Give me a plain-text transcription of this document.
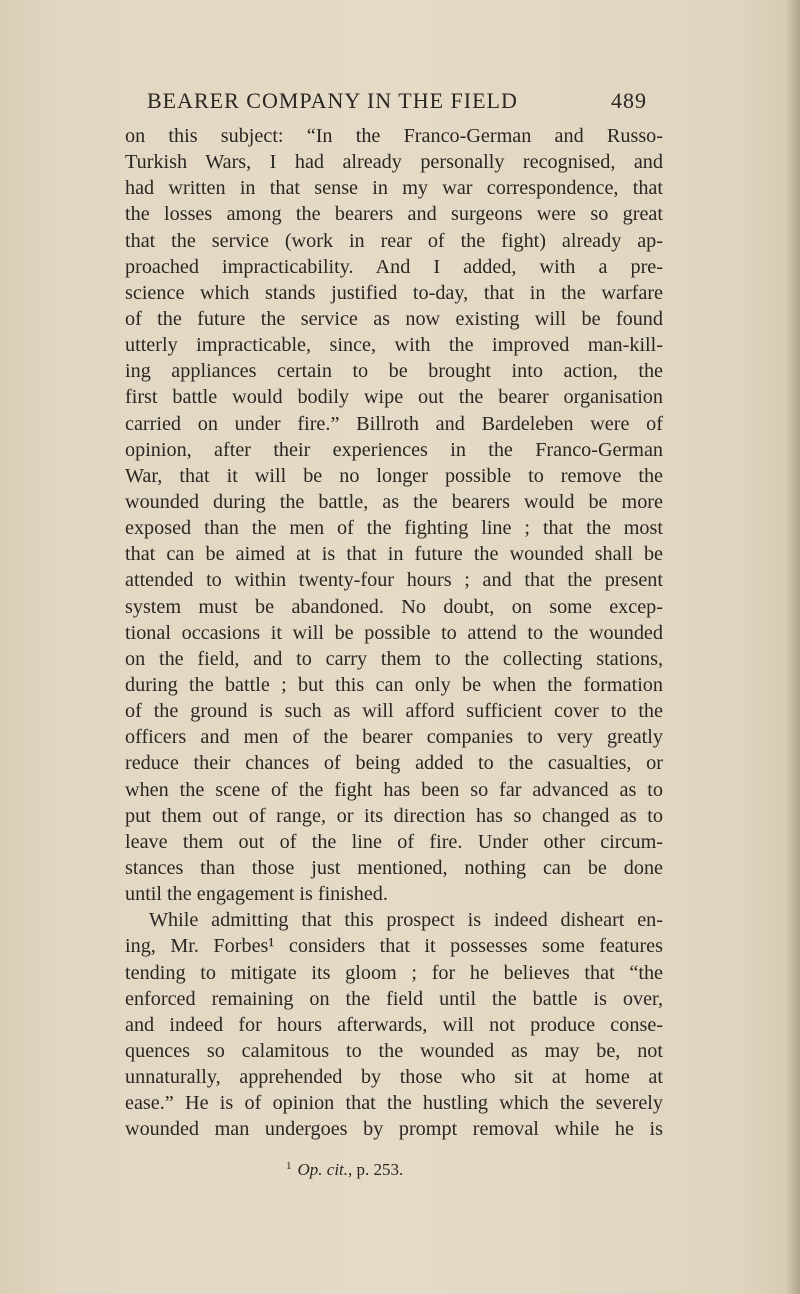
BEARER COMPANY IN THE FIELD	489
on this subject: “In the Franco-German and Russo-
Turkish Wars, I had already personally recognised, and
had written in that sense in my war correspondence, that
the losses among the bearers and surgeons were so great
that the service (work in rear of the fight) already ap-
proached impracticability. And I added, with a pre-
science which stands justified to-day, that in the warfare
of the future the service as now existing will be found
utterly impracticable, since, with the improved man-kill-
ing appliances certain to be brought into action, the
first battle would bodily wipe out the bearer organisation
carried on under fire.” Billroth and Bardeleben were of
opinion, after their experiences in the Franco-German
War, that it will be no longer possible to remove the
wounded during the battle, as the bearers would be more
exposed than the men of the fighting line ; that the most
that can be aimed at is that in future the wounded shall be
attended to within twenty-four hours ; and that the present
system must be abandoned. No doubt, on some excep-
tional occasions it will be possible to attend to the wounded
on the field, and to carry them to the collecting stations,
during the battle ; but this can only be when the formation
of the ground is such as will afford sufficient cover to the
officers and men of the bearer companies to very greatly
reduce their chances of being added to the casualties, or
when the scene of the fight has been so far advanced as to
put them out of range, or its direction has so changed as to
leave them out of the line of fire. Under other circum-
stances than those just mentioned, nothing can be done
until the engagement is finished.
While admitting that this prospect is indeed disheart en-
ing, Mr. Forbes¹ considers that it possesses some features
tending to mitigate its gloom ; for he believes that “the
enforced remaining on the field until the battle is over,
and indeed for hours afterwards, will not produce conse-
quences so calamitous to the wounded as may be, not
unnaturally, apprehended by those who sit at home at
ease.” He is of opinion that the hustling which the severely
wounded man undergoes by prompt removal while he is
$^1$ Op. cit., p. 253.
